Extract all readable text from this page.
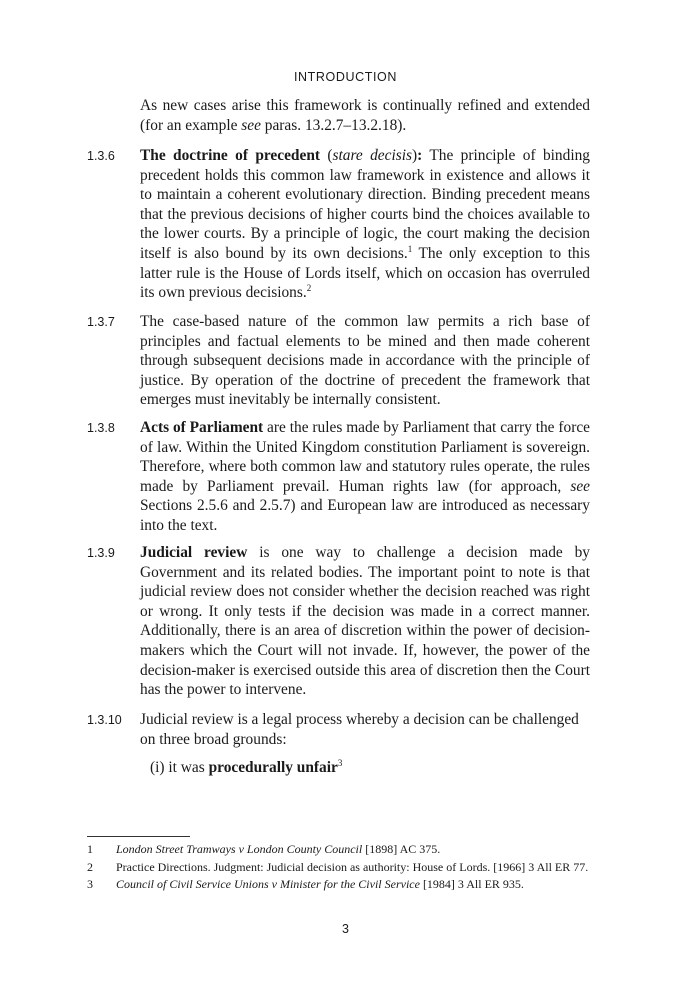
INTRODUCTION
As new cases arise this framework is continually refined and extended (for an example see paras. 13.2.7–13.2.18).
1.3.6	The doctrine of precedent (stare decisis): The principle of binding precedent holds this common law framework in existence and allows it to maintain a coherent evolutionary direction. Binding precedent means that the previous decisions of higher courts bind the choices available to the lower courts. By a principle of logic, the court making the decision itself is also bound by its own decisions.$^1$ The only exception to this latter rule is the House of Lords itself, which on occasion has overruled its own previous decisions.$^2$
1.3.7	The case-based nature of the common law permits a rich base of principles and factual elements to be mined and then made coherent through subsequent decisions made in accordance with the principle of justice. By operation of the doctrine of precedent the framework that emerges must inevitably be internally consistent.
1.3.8	Acts of Parliament are the rules made by Parliament that carry the force of law. Within the United Kingdom constitution Parliament is sovereign. Therefore, where both common law and statutory rules operate, the rules made by Parliament prevail. Human rights law (for approach, see Sections 2.5.6 and 2.5.7) and European law are introduced as necessary into the text.
1.3.9	Judicial review is one way to challenge a decision made by Government and its related bodies. The important point to note is that judicial review does not consider whether the decision reached was right or wrong. It only tests if the decision was made in a correct manner. Additionally, there is an area of discretion within the power of decision-makers which the Court will not invade. If, however, the power of the decision-maker is exercised outside this area of discretion then the Court has the power to intervene.
1.3.10	Judicial review is a legal process whereby a decision can be challenged on three broad grounds:
(i) it was procedurally unfair$^3$
1 London Street Tramways v London County Council [1898] AC 375.
2 Practice Directions. Judgment: Judicial decision as authority: House of Lords. [1966] 3 All ER 77.
3 Council of Civil Service Unions v Minister for the Civil Service [1984] 3 All ER 935.
3
